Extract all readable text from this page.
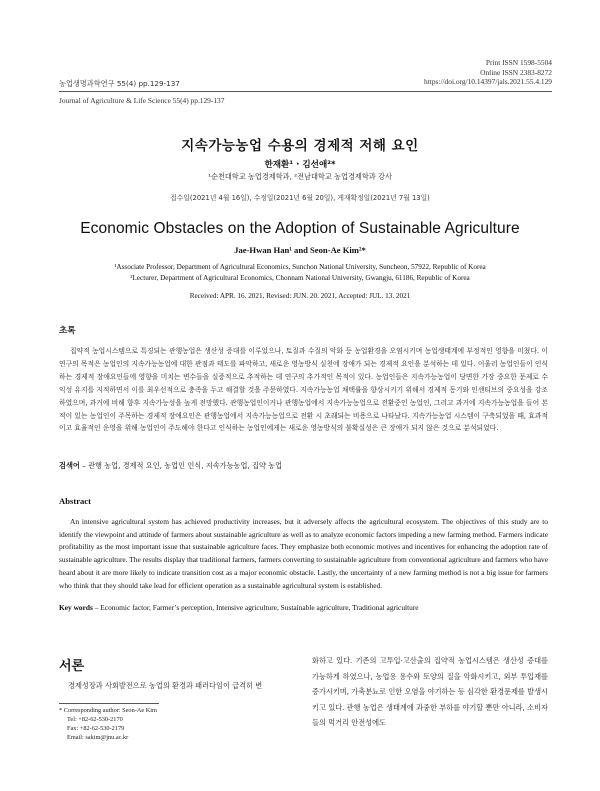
Print ISSN 1598-5504
Online ISSN 2383-8272
https://doi.org/10.14397/jals.2021.55.4.129
농업생명과학연구 55(4) pp.129-137
Journal of Agriculture & Life Science 55(4) pp.129-137
지속가능농업 수용의 경제적 저해 요인
한재환¹ · 김선애²*
¹순천대학교 농업경제학과, ²전남대학교 농업경제학과 강사
접수일(2021년 4월 16일), 수정일(2021년 6월 20일), 게재확정일(2021년 7월 13일)
Economic Obstacles on the Adoption of Sustainable Agriculture
Jae-Hwan Han¹ and Seon-Ae Kim²*
¹Associate Professor, Department of Agricultural Economics, Sunchon National University, Suncheon, 57922, Republic of Korea
²Lecturer, Department of Agricultural Economics, Chonnam National University, Gwangju, 61186, Republic of Korea
Received: APR. 16. 2021, Revised: JUN. 20. 2021, Accepted: JUL. 13. 2021
초록
집약적 농업시스템으로 특징되는 관행농업은 생산성 증대를 이루었으나, 토질과 수질의 악화 등 농업환경을 오염시키며 농업생태계에 부정적인 영향을 미쳤다. 이 연구의 목적은 농업인의 지속가능농업에 대한 관점과 태도를 파악하고, 새로운 영농방식 실천에 장애가 되는 경제적 요인을 분석하는 데 있다. 이울러 농업인들이 인식하는 경제적 장애요인들에 영향을 미치는 변수들을 실증적으로 추적하는 데 연구의 추가적인 목적이 있다. 농업인들은 지속가능농업이 당면한 가장 중요한 문제로 수익성 유지를 지적하면서 이를 최우선적으로 충족을 두고 해결할 것을 주문하였다. 지속가능농업 채택률을 향상시키기 위해서 경제적 동기와 인센티브의 중요성을 강조하였으며, 과거에 비해 향후 지속가능성을 높게 전망했다. 관행농업인이거나 관행농업에서 지속가능농업으로 전환중인 농업인, 그리고 과거에 지속가능농업을 들어 본 적이 있는 농업인이 주목하는 경제적 장애요인은 관행농업에서 지속가능농업으로 전환 시 초래되는 비용으로 나타났다. 지속가능농업 시스템이 구축되었을 때, 효과적이고 효율적인 운영을 위해 농업인이 주도해야 한다고 인식하는 농업인에게는 새로운 영농방식의 불확실성은 큰 장애가 되지 않은 것으로 분석되었다.
검색어 – 관행 농업, 경제적 요인, 농업인 인식, 지속가능농업, 집약 농업
Abstract
An intensive agricultural system has achieved productivity increases, but it adversely affects the agricultural ecosystem. The objectives of this study are to identify the viewpoint and attitude of farmers about sustainable agriculture as well as to analyze economic factors impeding a new farming method. Farmers indicate profitability as the most important issue that sustainable agriculture faces. They emphasize both economic motives and incentives for enhancing the adoption rate of sustainable agriculture. The results display that traditional farmers, farmers converting to sustainable agriculture from conventional agriculture and farmers who have heard about it are more likely to indicate transition cost as a major economic obstacle. Lastly, the uncertainty of a new farming method is not a big issue for farmers who think that they should take lead for efficient operation as a sustainable agricultural system is established.
Key words – Economic factor, Farmer’s perception, Intensive agriculture, Sustainable agriculture, Traditional agriculture
서론
경제성장과 사회발전으로 농업의 환경과 패러다임이 급격히 변
화하고 있다. 기존의 고투입·고산출의 집약적 농업시스템은 생산성 증대를 가능하게 하였으나, 농업용 용수와 토양의 질을 악화시키고, 외부 투입재를 증가시키며, 가축분뇨로 인한 오염을 야기하는 등 심각한 환경문제를 발생시키고 있다. 관행 농업은 생태계에 과중한 부하를 야기할 뿐만 아니라, 소비자들의 먹거리 안전성에도
* Corresponding author: Seon-Ae Kim
Tel: +82-62-530-2170
Fax: +82-62-530-2179
Email: sakim@jnu.ac.kr
